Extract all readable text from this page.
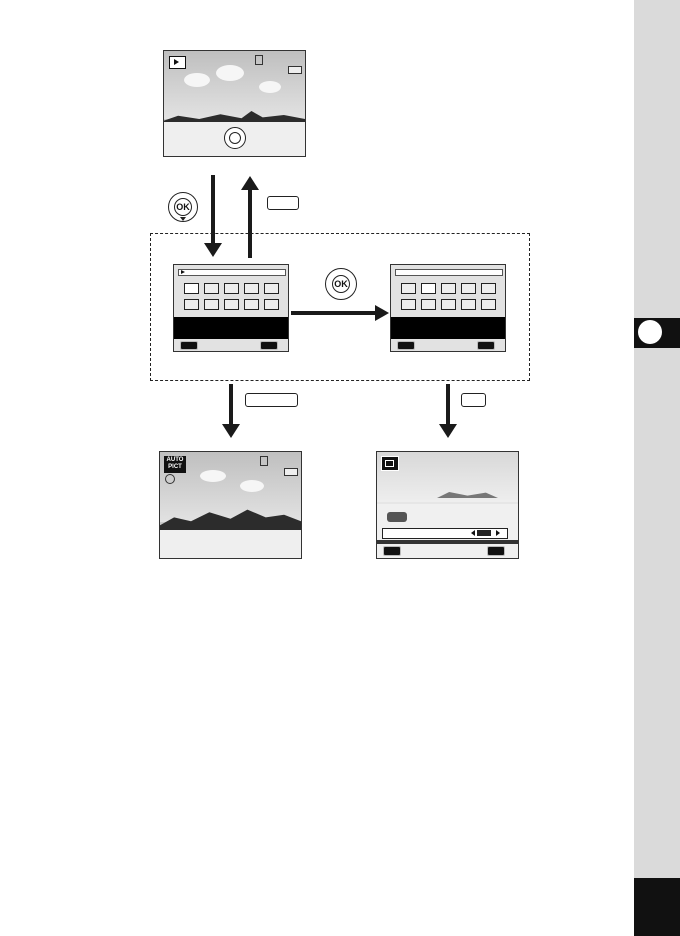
OK
OK
AUTO
PICT
